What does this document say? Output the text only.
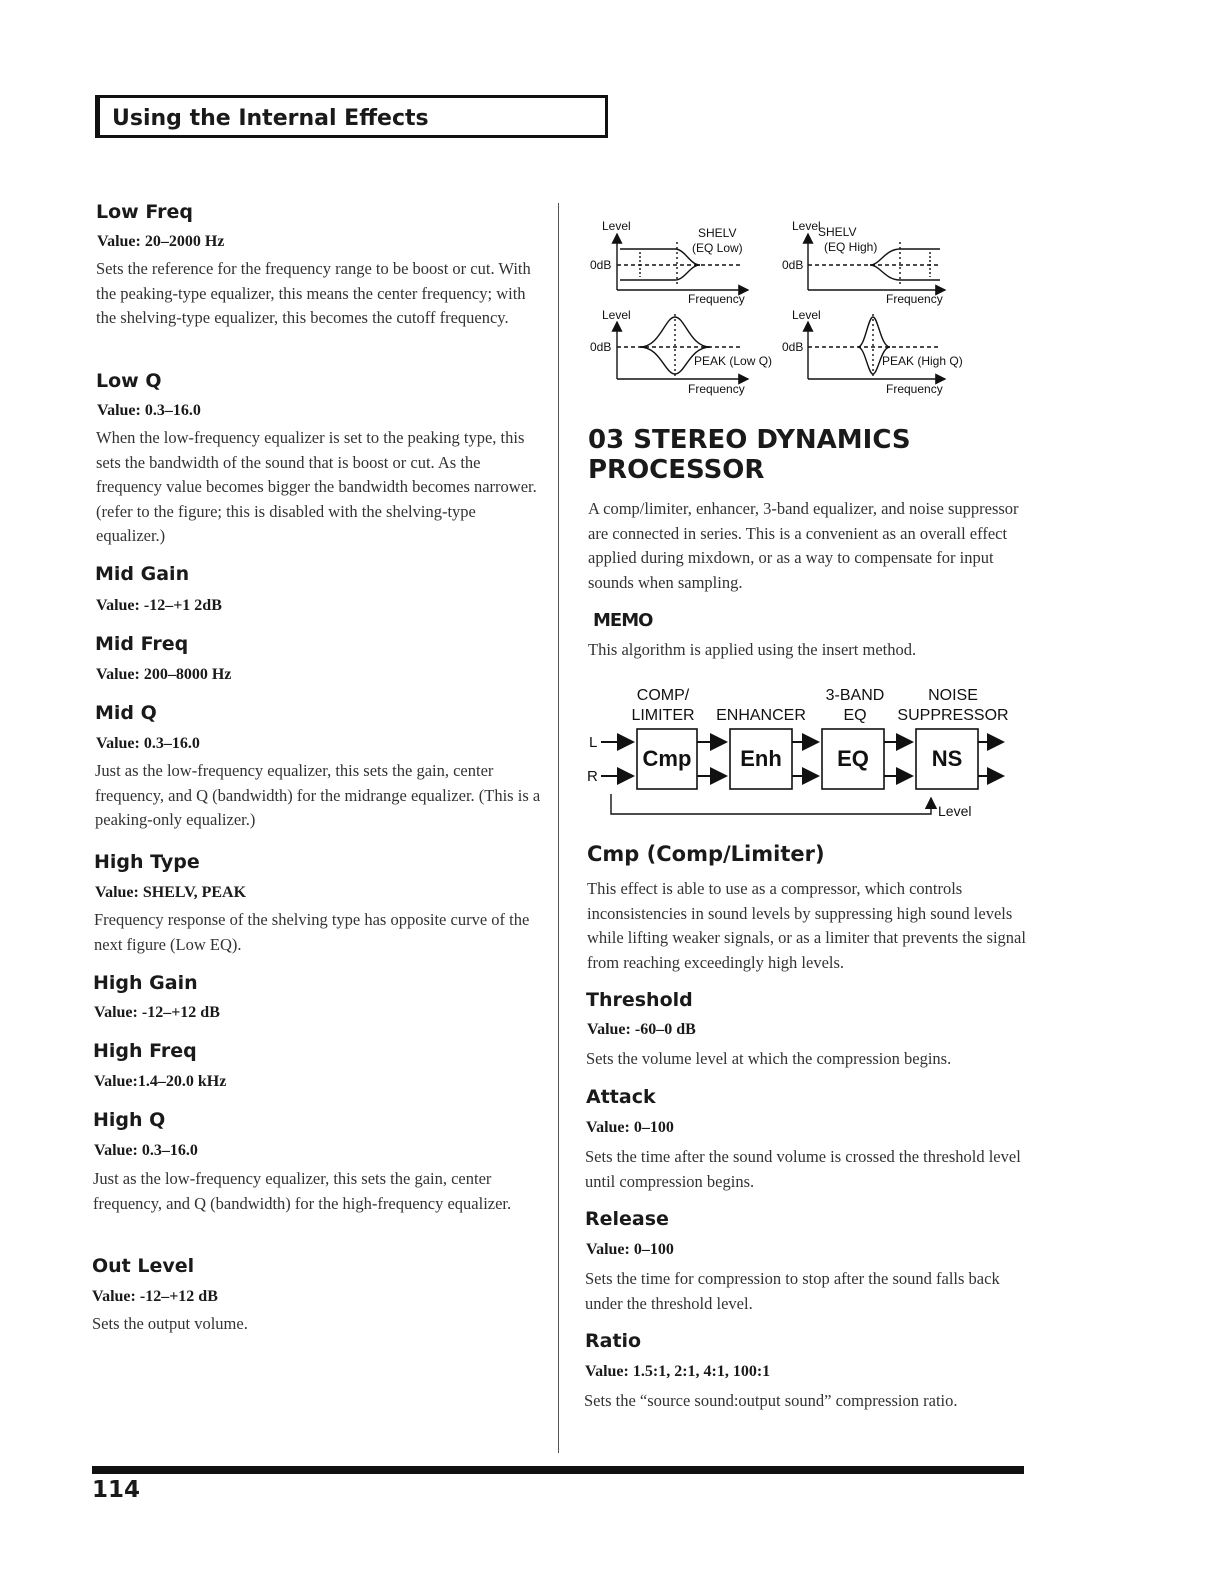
Using the Internal Effects
Low Freq
Value: 20–2000 Hz
Sets the reference for the frequency range to be boost or cut. With the peaking-type equalizer, this means the center frequency; with the shelving-type equalizer, this becomes the cutoff frequency.
Low Q
Value: 0.3–16.0
When the low-frequency equalizer is set to the peaking type, this sets the bandwidth of the sound that is boost or cut. As the frequency value becomes bigger the bandwidth becomes narrower. (refer to the figure; this is disabled with the shelving-type equalizer.)
Mid Gain
Value: -12–+1 2dB
Mid Freq
Value: 200–8000 Hz
Mid Q
Value: 0.3–16.0
Just as the low-frequency equalizer, this sets the gain, center frequency, and Q (bandwidth) for the midrange equalizer. (This is a peaking-only equalizer.)
High Type
Value: SHELV, PEAK
Frequency response of the shelving type has opposite curve of the next figure (Low EQ).
High Gain
Value: -12–+12 dB
High Freq
Value:1.4–20.0 kHz
High Q
Value: 0.3–16.0
Just as the low-frequency equalizer, this sets the gain, center frequency, and Q (bandwidth) for the high-frequency equalizer.
Out Level
Value: -12–+12 dB
Sets the output volume.
Level
0dB
Frequency
SHELV
(EQ Low)
Level
0dB
Frequency
SHELV
(EQ High)
Level
0dB
Frequency
PEAK (Low Q)
Level
0dB
Frequency
PEAK (High Q)
03 STEREO DYNAMICS
PROCESSOR
A comp/limiter, enhancer, 3-band equalizer, and noise suppressor are connected in series. This is a convenient as an overall effect applied during mixdown, or as a way to compensate for input sounds when sampling.
MEMO
This algorithm is applied using the insert method.
COMP/
LIMITER ENHANCER
3-BAND
EQ
NOISE
SUPPRESSOR
L
R
Cmp Enh	EQ	NS
Level
Cmp (Comp/Limiter)
This effect is able to use as a compressor, which controls inconsistencies in sound levels by suppressing high sound levels while lifting weaker signals, or as a limiter that prevents the signal from reaching exceedingly high levels.
Threshold
Value: -60–0 dB
Sets the volume level at which the compression begins.
Attack
Value: 0–100
Sets the time after the sound volume is crossed the threshold level until compression begins.
Release
Value: 0–100
Sets the time for compression to stop after the sound falls back under the threshold level.
Ratio
Value: 1.5:1, 2:1, 4:1, 100:1
Sets the “source sound:output sound” compression ratio.
114
